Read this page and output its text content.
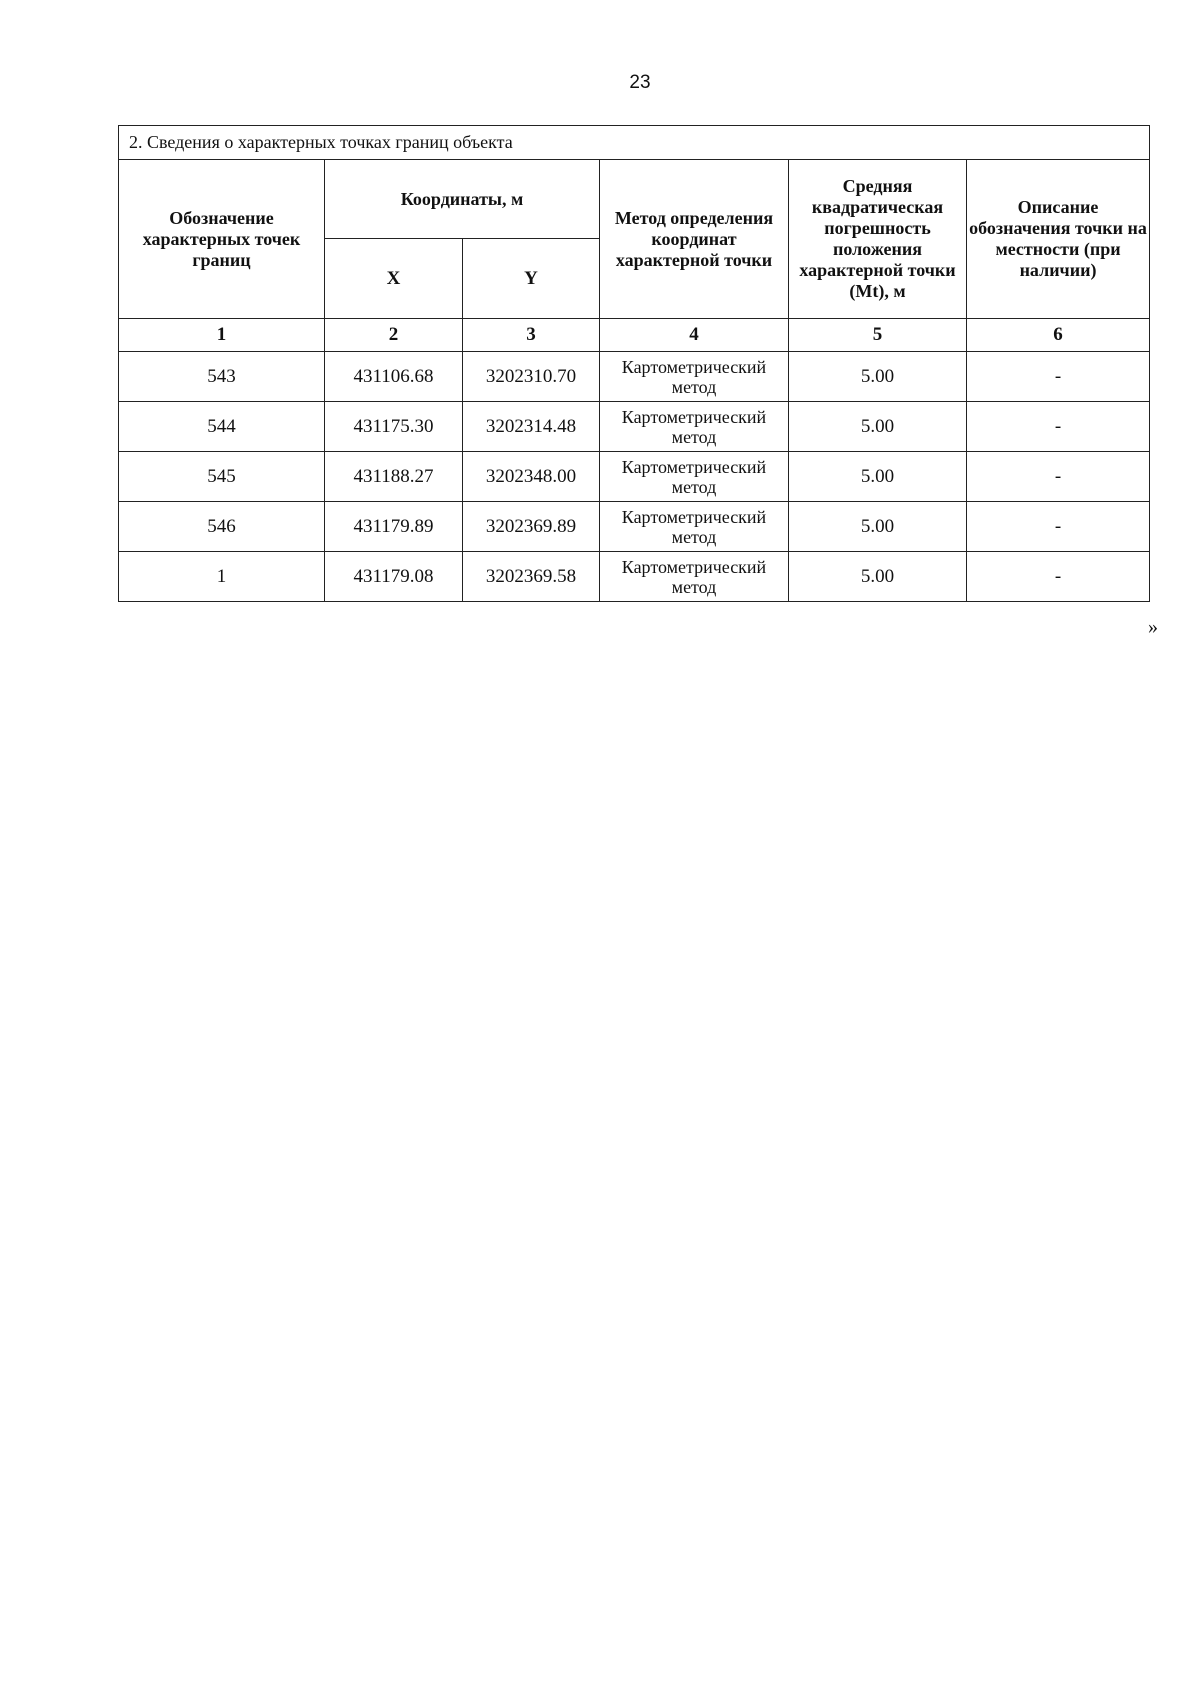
23
2. Сведения о характерных точках границ объекта					
Обозначение характерных точек границ	Координаты, м		Метод определения координат характерной точки	Средняя квадратическая погрешность положения характерной точки (Mt), м	Описание обозначения точки на местности (при наличии)
	X	Y			
1	2	3	4	5	6
543	431106.68	3202310.70	Картометрический метод	5.00	-
544	431175.30	3202314.48	Картометрический метод	5.00	-
545	431188.27	3202348.00	Картометрический метод	5.00	-
546	431179.89	3202369.89	Картометрический метод	5.00	-
1	431179.08	3202369.58	Картометрический метод	5.00	-
»
